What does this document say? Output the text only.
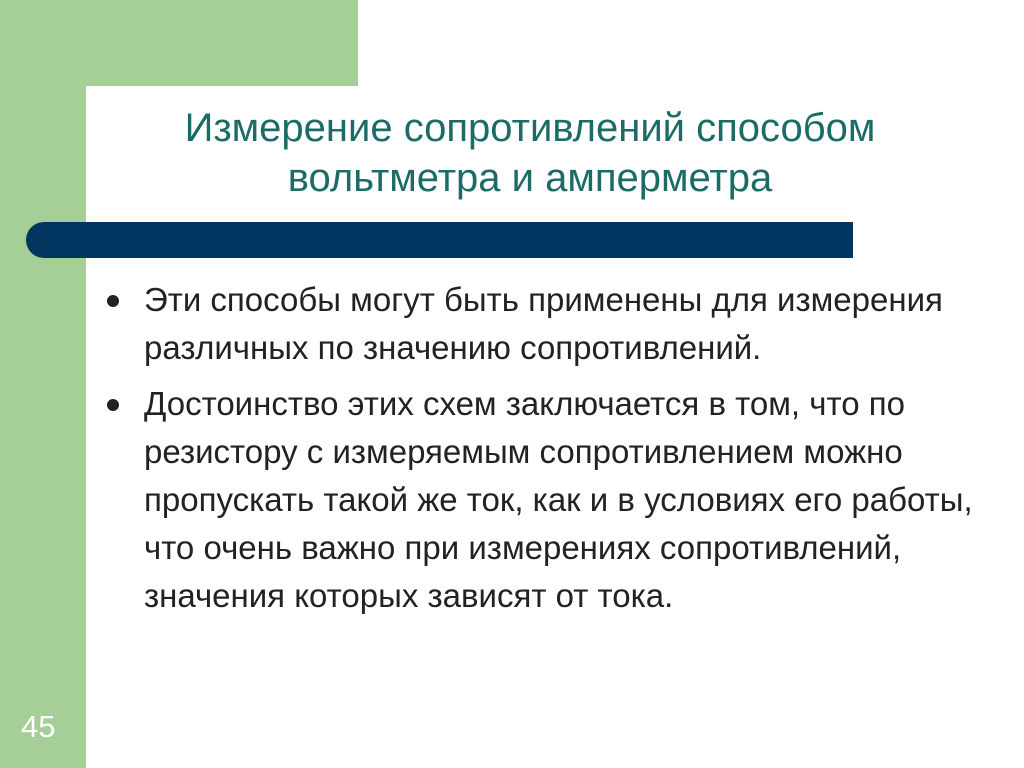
Измерение сопротивлений способом
вольтметра и амперметра
Эти способы могут быть применены для измерения различных по значению сопротивлений.
Достоинство этих схем заключается в том, что по резистору с измеряемым сопротивлением можно пропускать такой же ток, как и в условиях его работы, что очень важно при измерениях сопротивлений, значения которых зависят от тока.
45
